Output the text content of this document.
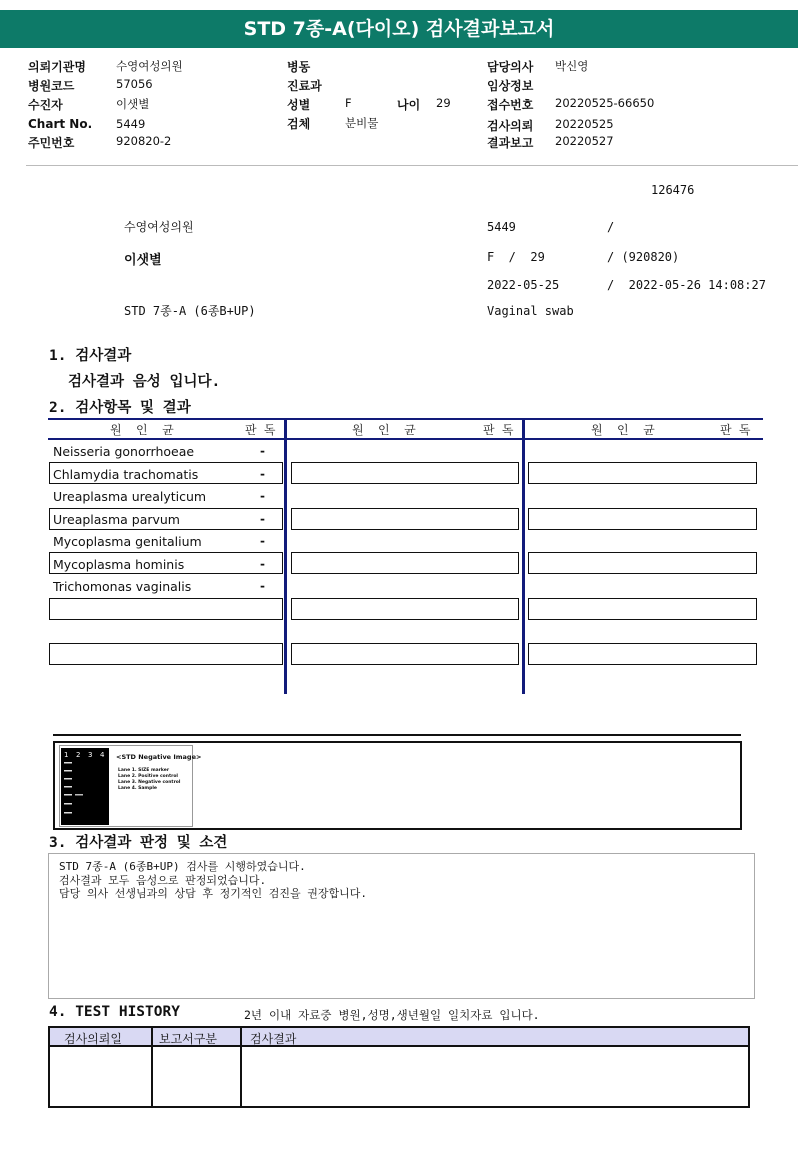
STD 7종-A(다이오) 검사결과보고서
의뢰기관명	수영여성의원
병원코드	57056
수진자	이샛별
Chart No. 5449
주민번호	920820-2
병동
진료과
성별	F	나이 29
검체	분비물
담당의사 박신영
임상정보
접수번호 20220525-66650
검사의뢰 20220525
결과보고 20220527
126476
수영여성의원	5449	/
이샛별	F  /  29	/ (920820)
2022-05-25	/  2022-05-26 14:08:27
STD 7종-A (6종B+UP)	Vaginal swab
1. 검사결과
검사결과 음성 입니다.
2. 검사항목 및 결과
원  인  균	판 독	원  인  균	판 독	원  인  균	판 독
Neisseria gonorrhoeae	-
Chlamydia trachomatis	-
Ureaplasma urealyticum	-
Ureaplasma parvum	-
Mycoplasma genitalium	-
Mycoplasma hominis	-
Trichomonas vaginalis	-
1 2 3 4 <STD Negative Image>
Lane 1. SIZE marker
Lane 2. Positive control
Lane 3. Negative control
Lane 4. Sample
3. 검사결과 판정 및 소견
STD 7종-A (6종B+UP) 검사를 시행하였습니다.
검사결과 모두 음성으로 판정되었습니다.
담당 의사 선생님과의 상담 후 정기적인 검진을 권장합니다.
4. TEST HISTORY	2년 이내 자료중 병원,성명,생년월일 일치자료 입니다.
검사의뢰일	보고서구분	검사결과
